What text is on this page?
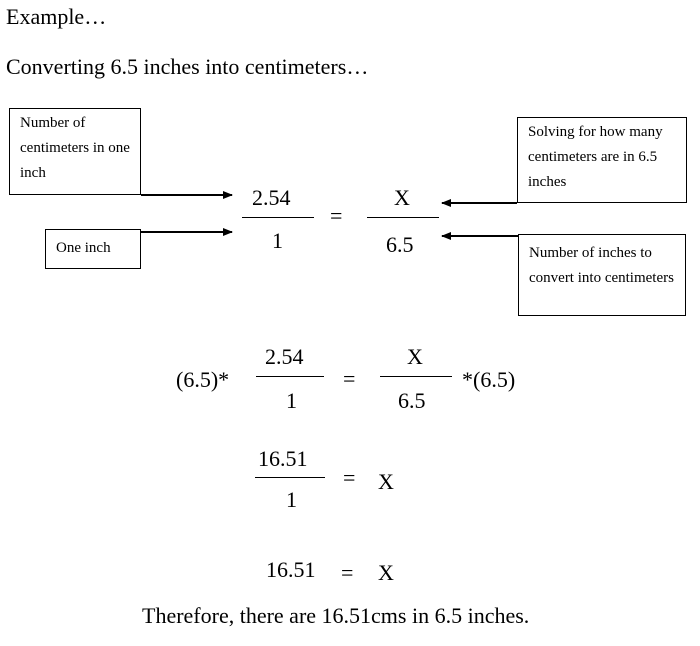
Example…
Converting 6.5 inches into centimeters…
Number of centimeters in one inch
One inch
Solving for how many centimeters are in 6.5 inches
Number of inches to convert into centimeters
2.54
1
=
X
6.5
(6.5)*
2.54
1
=
X
6.5
*(6.5)
16.51
1
= X
16.51 = X
Therefore, there are 16.51cms in 6.5 inches.
